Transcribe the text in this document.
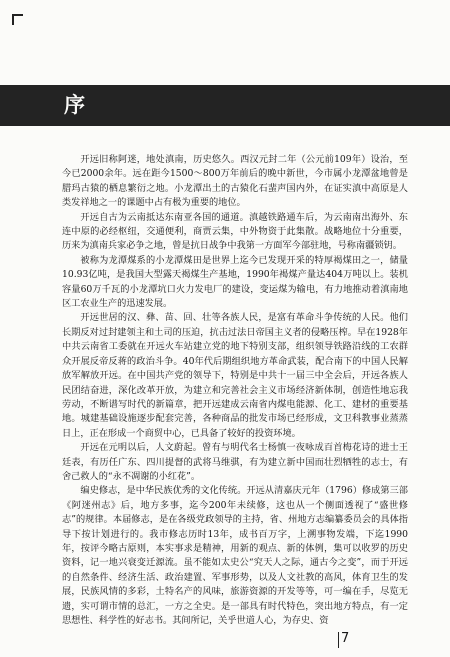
序

开远旧称阿迷，地处滇南，历史悠久。西汉元封二年（公元前109年）设治，至今已2000余年。远在距今1500～800万年前后的晚中新世，今市属小龙潭盆地曾是腊玛古猿的栖息繁衍之地。小龙潭出土的古猿化石蜚声国内外，在证实滇中高原是人类发祥地之一的课题中占有极为重要的地位。

开远自古为云南抵达东南亚各国的通道。滇越铁路通车后，为云南南出海外、东连中原的必经枢纽，交通便利，商贾云集，中外物资于此集散。战略地位十分重要，历来为滇南兵家必争之地，曾是抗日战争中我第一方面军今部驻地，号称南疆锁钥。

被称为龙潭煤系的小龙潭煤田是世界上迄今已发现开采的特厚褐煤田之一，储量10.93亿吨，是我国大型露天褐煤生产基地，1990年褐煤产量达404万吨以上。装机容量60万千瓦的小龙潭坑口火力发电厂的建设，变运煤为输电，有力地推动着滇南地区工农业生产的迅速发展。

开远世居的汉、彝、苗、回、壮等各族人民，是富有革命斗争传统的人民。他们长期反对过封建领主和土司的压迫，抗击过法日帝国主义者的侵略压榨。早在1928年中共云南省工委就在开远火车站建立党的地下特别支部，组织领导铁路沿线的工农群众开展反帝反蒋的政治斗争。40年代后期组织地方革命武装，配合南下的中国人民解放军解放开远。在中国共产党的领导下，特别是中共十一届三中全会后，开远各族人民团结奋进，深化改革开放，为建立和完善社会主义市场经济新体制，创造性地忘我劳动，不断谱写时代的新篇章，把开远建成云南省内煤电能源、化工、建材的重要基地。城建基础设施逐步配套完善，各种商品的批发市场已经形成，文卫科教事业蒸蒸日上，正在形成一个商贸中心，已具备了较好的投资环境。

开远在元明以后，人文蔚起。曾有与明代名士杨慎一夜咏成百首梅花诗的进士王廷表，有历任广东、四川提督的武将马维骐，有为建立新中国而壮烈牺牲的志士，有舍己救人的“永不凋谢的小红花”。

编史修志，是中华民族优秀的文化传统。开远从清嘉庆元年（1796）修成第三部《阿迷州志》后，地方多事，迄今200年未续修，这也从一个侧面透视了“盛世修志”的规律。本届修志，是在各级党政领导的主持，省、州地方志编纂委员会的具体指导下按计划进行的。我市修志历时13年，成书百万字，上溯事物发端，下迄1990年，按评今略古原则，本实事求是精神，用新的观点、新的体例，集可以收罗的历史资料，记一地兴衰变迁源流。虽不能如太史公“究天人之际，通古今之变”，而于开远的自然条件、经济生活、政治建置、军事形势，以及人文社教的高风，体育卫生的发展，民族风情的多彩，土特名产的风味，旅游资源的开发等等，可一编在手，尽览无遗，实可谓市情的总汇，一方之全史。是一部具有时代特色，突出地方特点，有一定思想性、科学性的好志书。其间所记，关乎世道人心，为存史、资

7
